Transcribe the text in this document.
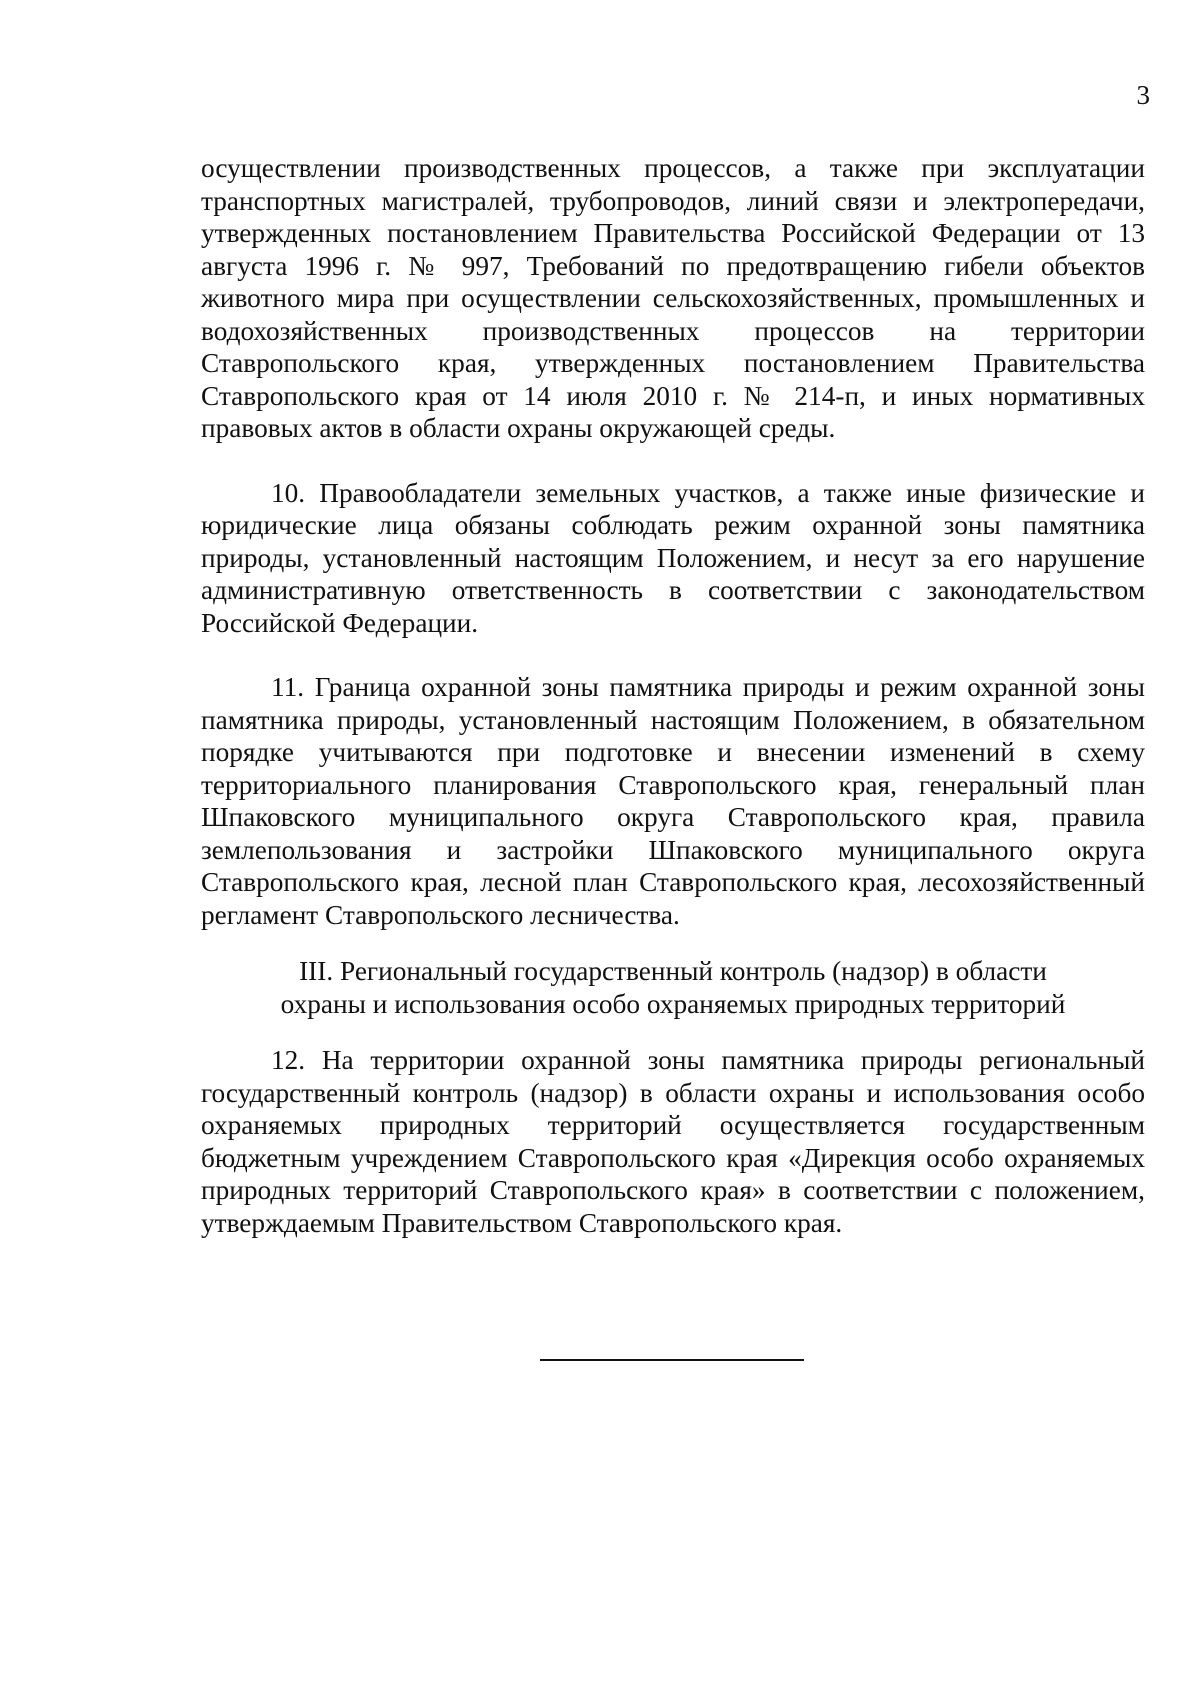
3

осуществлении производственных процессов, а также при эксплуатации транспортных магистралей, трубопроводов, линий связи и электропередачи, утвержденных постановлением Правительства Российской Федерации от 13 августа 1996 г. № 997, Требований по предотвращению гибели объектов животного мира при осуществлении сельскохозяйственных, промышленных и водохозяйственных производственных процессов на территории Ставропольского края, утвержденных постановлением Правительства Ставропольского края от 14 июля 2010 г. № 214-п, и иных нормативных правовых актов в области охраны окружающей среды.

10. Правообладатели земельных участков, а также иные физические и юридические лица обязаны соблюдать режим охранной зоны памятника природы, установленный настоящим Положением, и несут за его нарушение административную ответственность в соответствии с законодательством Российской Федерации.

11. Граница охранной зоны памятника природы и режим охранной зоны памятника природы, установленный настоящим Положением, в обязательном порядке учитываются при подготовке и внесении изменений в схему территориального планирования Ставропольского края, генеральный план Шпаковского муниципального округа Ставропольского края, правила землепользования и застройки Шпаковского муниципального округа Ставропольского края, лесной план Ставропольского края, лесохозяйственный регламент Ставропольского лесничества.

III. Региональный государственный контроль (надзор) в области
охраны и использования особо охраняемых природных территорий

12. На территории охранной зоны памятника природы региональный государственный контроль (надзор) в области охраны и использования особо охраняемых природных территорий осуществляется государственным бюджетным учреждением Ставропольского края «Дирекция особо охраняемых природных территорий Ставропольского края» в соответствии с положением, утверждаемым Правительством Ставропольского края.
